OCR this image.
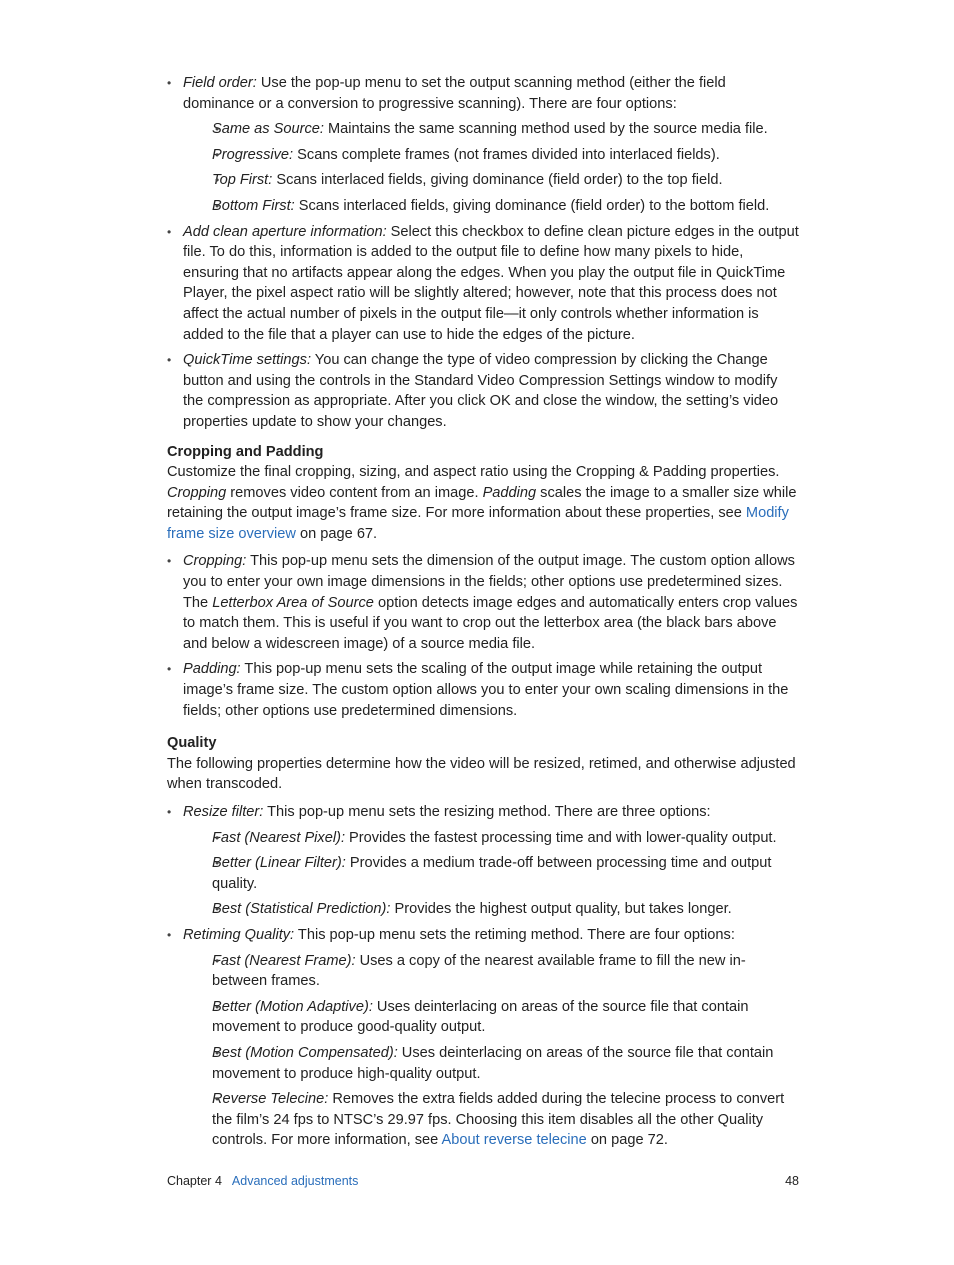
• Field order: Use the pop-up menu to set the output scanning method (either the field dominance or a conversion to progressive scanning). There are four options:
• Same as Source: Maintains the same scanning method used by the source media file.
• Progressive: Scans complete frames (not frames divided into interlaced fields).
• Top First: Scans interlaced fields, giving dominance (field order) to the top field.
• Bottom First: Scans interlaced fields, giving dominance (field order) to the bottom field.
• Add clean aperture information: Select this checkbox to define clean picture edges in the output file. To do this, information is added to the output file to define how many pixels to hide, ensuring that no artifacts appear along the edges. When you play the output file in QuickTime Player, the pixel aspect ratio will be slightly altered; however, note that this process does not affect the actual number of pixels in the output file—it only controls whether information is added to the file that a player can use to hide the edges of the picture.
• QuickTime settings: You can change the type of video compression by clicking the Change button and using the controls in the Standard Video Compression Settings window to modify the compression as appropriate. After you click OK and close the window, the setting’s video properties update to show your changes.
Cropping and Padding

Customize the final cropping, sizing, and aspect ratio using the Cropping & Padding properties. Cropping removes video content from an image. Padding scales the image to a smaller size while retaining the output image’s frame size. For more information about these properties, see Modify frame size overview on page 67.

• Cropping: This pop-up menu sets the dimension of the output image. The custom option allows you to enter your own image dimensions in the fields; other options use predetermined sizes. The Letterbox Area of Source option detects image edges and automatically enters crop values to match them. This is useful if you want to crop out the letterbox area (the black bars above and below a widescreen image) of a source media file.
• Padding: This pop-up menu sets the scaling of the output image while retaining the output image’s frame size. The custom option allows you to enter your own scaling dimensions in the fields; other options use predetermined dimensions.
Quality

The following properties determine how the video will be resized, retimed, and otherwise adjusted when transcoded.

• Resize filter: This pop-up menu sets the resizing method. There are three options:
• Fast (Nearest Pixel): Provides the fastest processing time and with lower-quality output.
• Better (Linear Filter): Provides a medium trade-off between processing time and output quality.
• Best (Statistical Prediction): Provides the highest output quality, but takes longer.
• Retiming Quality: This pop-up menu sets the retiming method. There are four options:
• Fast (Nearest Frame): Uses a copy of the nearest available frame to fill the new in-between frames.
• Better (Motion Adaptive): Uses deinterlacing on areas of the source file that contain movement to produce good-quality output.
• Best (Motion Compensated): Uses deinterlacing on areas of the source file that contain movement to produce high-quality output.
• Reverse Telecine: Removes the extra fields added during the telecine process to convert the film’s 24 fps to NTSC’s 29.97 fps. Choosing this item disables all the other Quality controls. For more information, see About reverse telecine on page 72.
Chapter 4 Advanced adjustments	48
